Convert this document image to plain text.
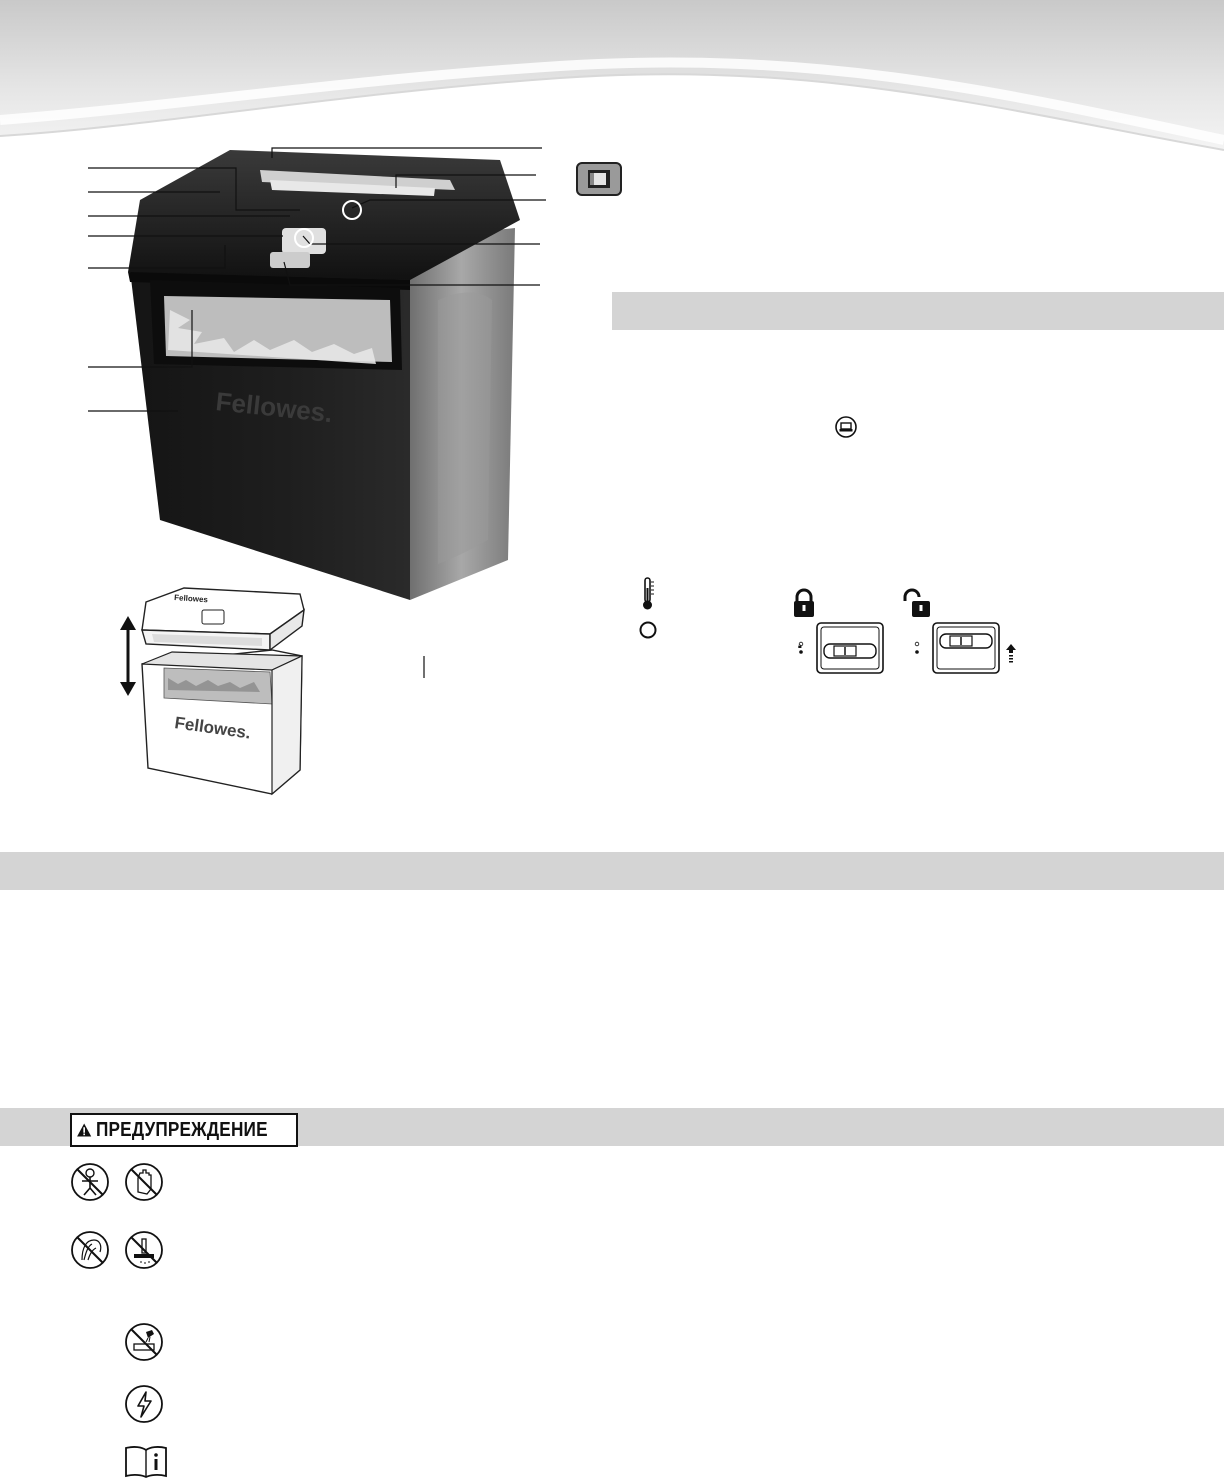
Fellowes.
🔒︎
Fellowes
Fellowes.
ПРЕДУПРЕЖДЕНИЕ
